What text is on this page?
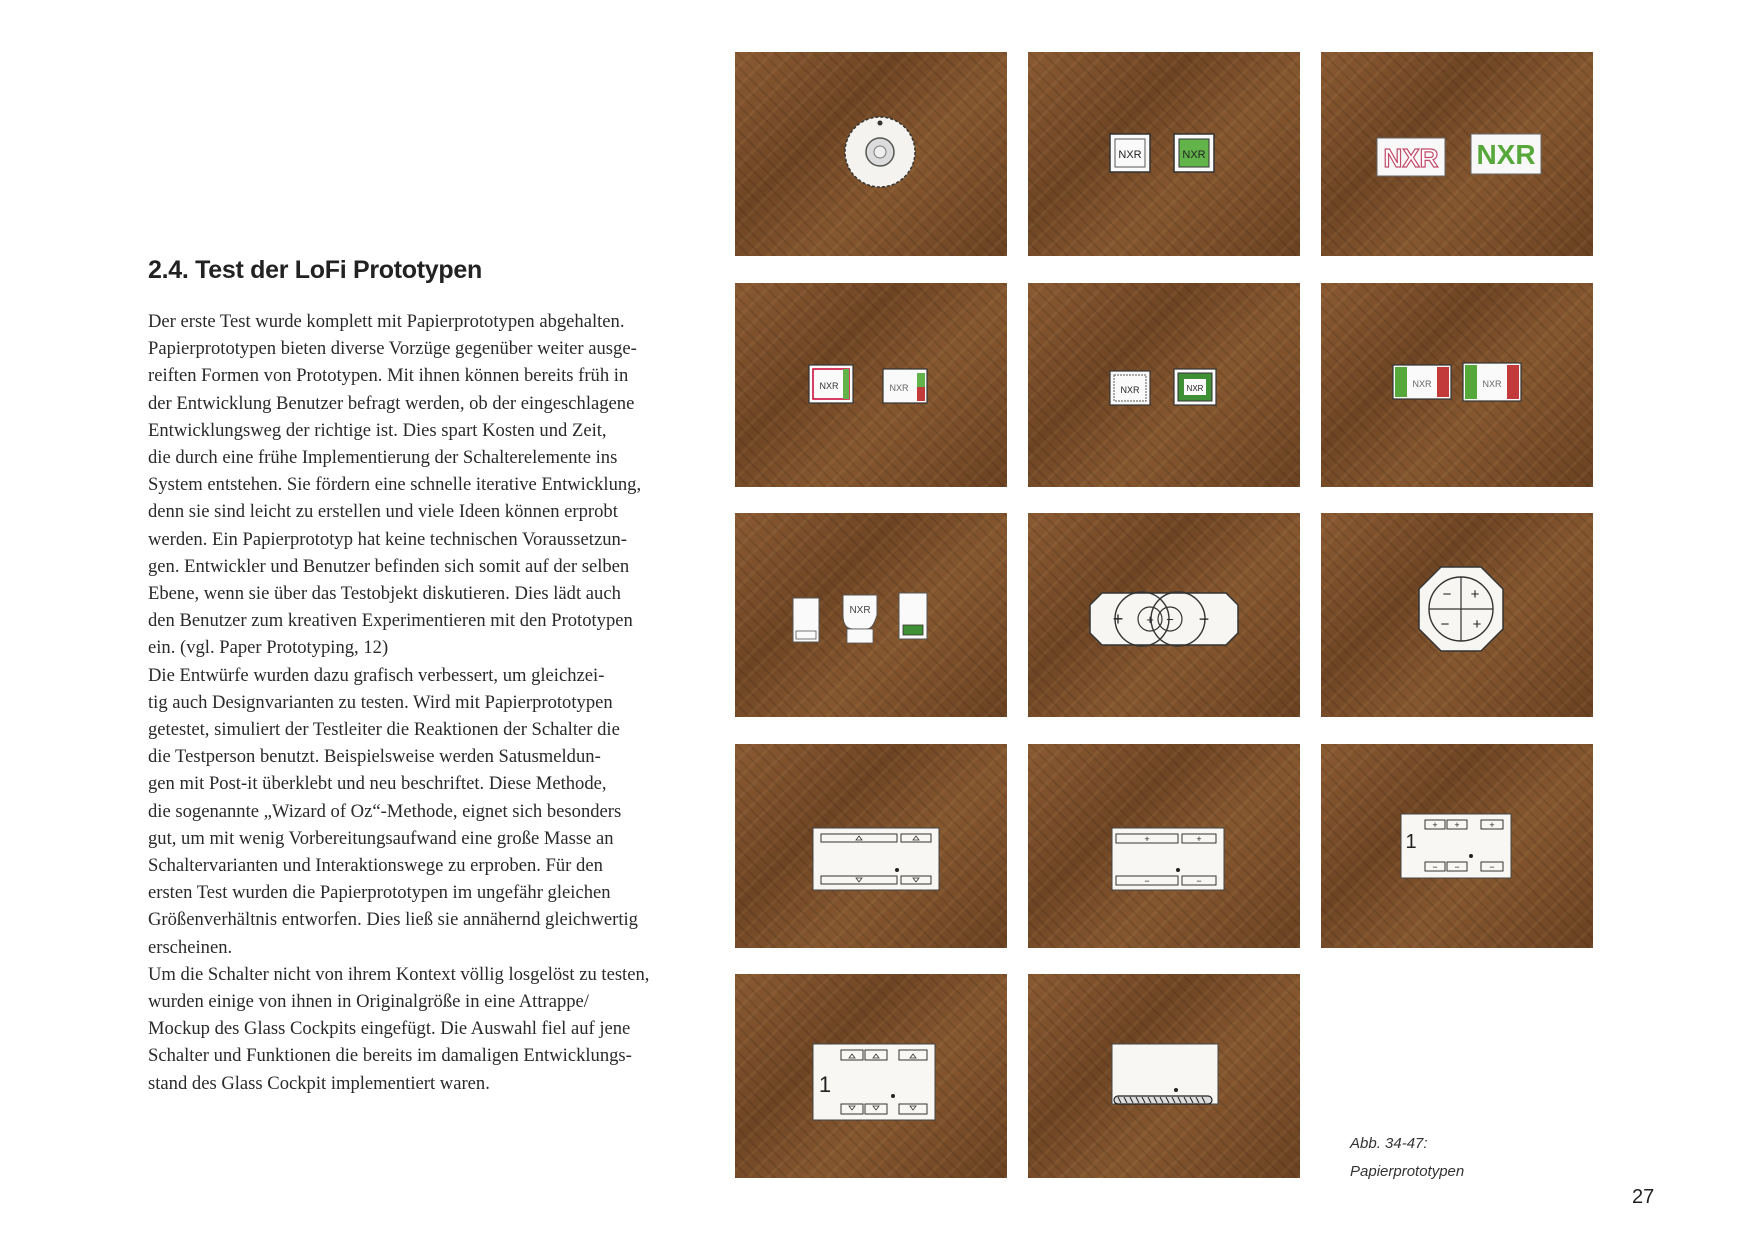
2.4. Test der LoFi Prototypen
Der erste Test wurde komplett mit Papierprototypen abgehalten.
Papierprototypen bieten diverse Vorzüge gegenüber weiter ausge-
reiften Formen von Prototypen. Mit ihnen können bereits früh in
der Entwicklung Benutzer befragt werden, ob der eingeschlagene
Entwicklungsweg der richtige ist. Dies spart Kosten und Zeit,
die durch eine frühe Implementierung der Schalterelemente ins
System entstehen. Sie fördern eine schnelle iterative Entwicklung,
denn sie sind leicht zu erstellen und viele Ideen können erprobt
werden. Ein Papierprototyp hat keine technischen Voraussetzun-
gen. Entwickler und Benutzer befinden sich somit auf der selben
Ebene, wenn sie über das Testobjekt diskutieren. Dies lädt auch
den Benutzer zum kreativen Experimentieren mit den Prototypen
ein. (vgl. Paper Prototyping, 12)
Die Entwürfe wurden dazu grafisch verbessert, um gleichzei-
tig auch Designvarianten zu testen. Wird mit Papierprototypen
getestet, simuliert der Testleiter die Reaktionen der Schalter die
die Testperson benutzt. Beispielsweise werden Satusmeldun-
gen mit Post-it überklebt und neu beschriftet. Diese Methode,
die sogenannte „Wizard of Oz“-Methode, eignet sich besonders
gut, um mit wenig Vorbereitungsaufwand eine große Masse an
Schaltervarianten und Interaktionswege zu erproben. Für den
ersten Test wurden die Papierprototypen im ungefähr gleichen
Größenverhältnis entworfen. Dies ließ sie annähernd gleichwertig
erscheinen.
Um die Schalter nicht von ihrem Kontext völlig losgelöst zu testen,
wurden einige von ihnen in Originalgröße in eine Attrappe/
Mockup des Glass Cockpits eingefügt. Die Auswahl fiel auf jene
Schalter und Funktionen die bereits im damaligen Entwicklungs-
stand des Glass Cockpit implementiert waren.
NXR	NXR	NXR NXR
NXR	NXR	NXR	NXR	NXR	NXR
NXR	+ + − −
− +
− +
+	+
−	−
1
+ +	+
− −	−
1
Abb. 34-47:
Papierprototypen
27
